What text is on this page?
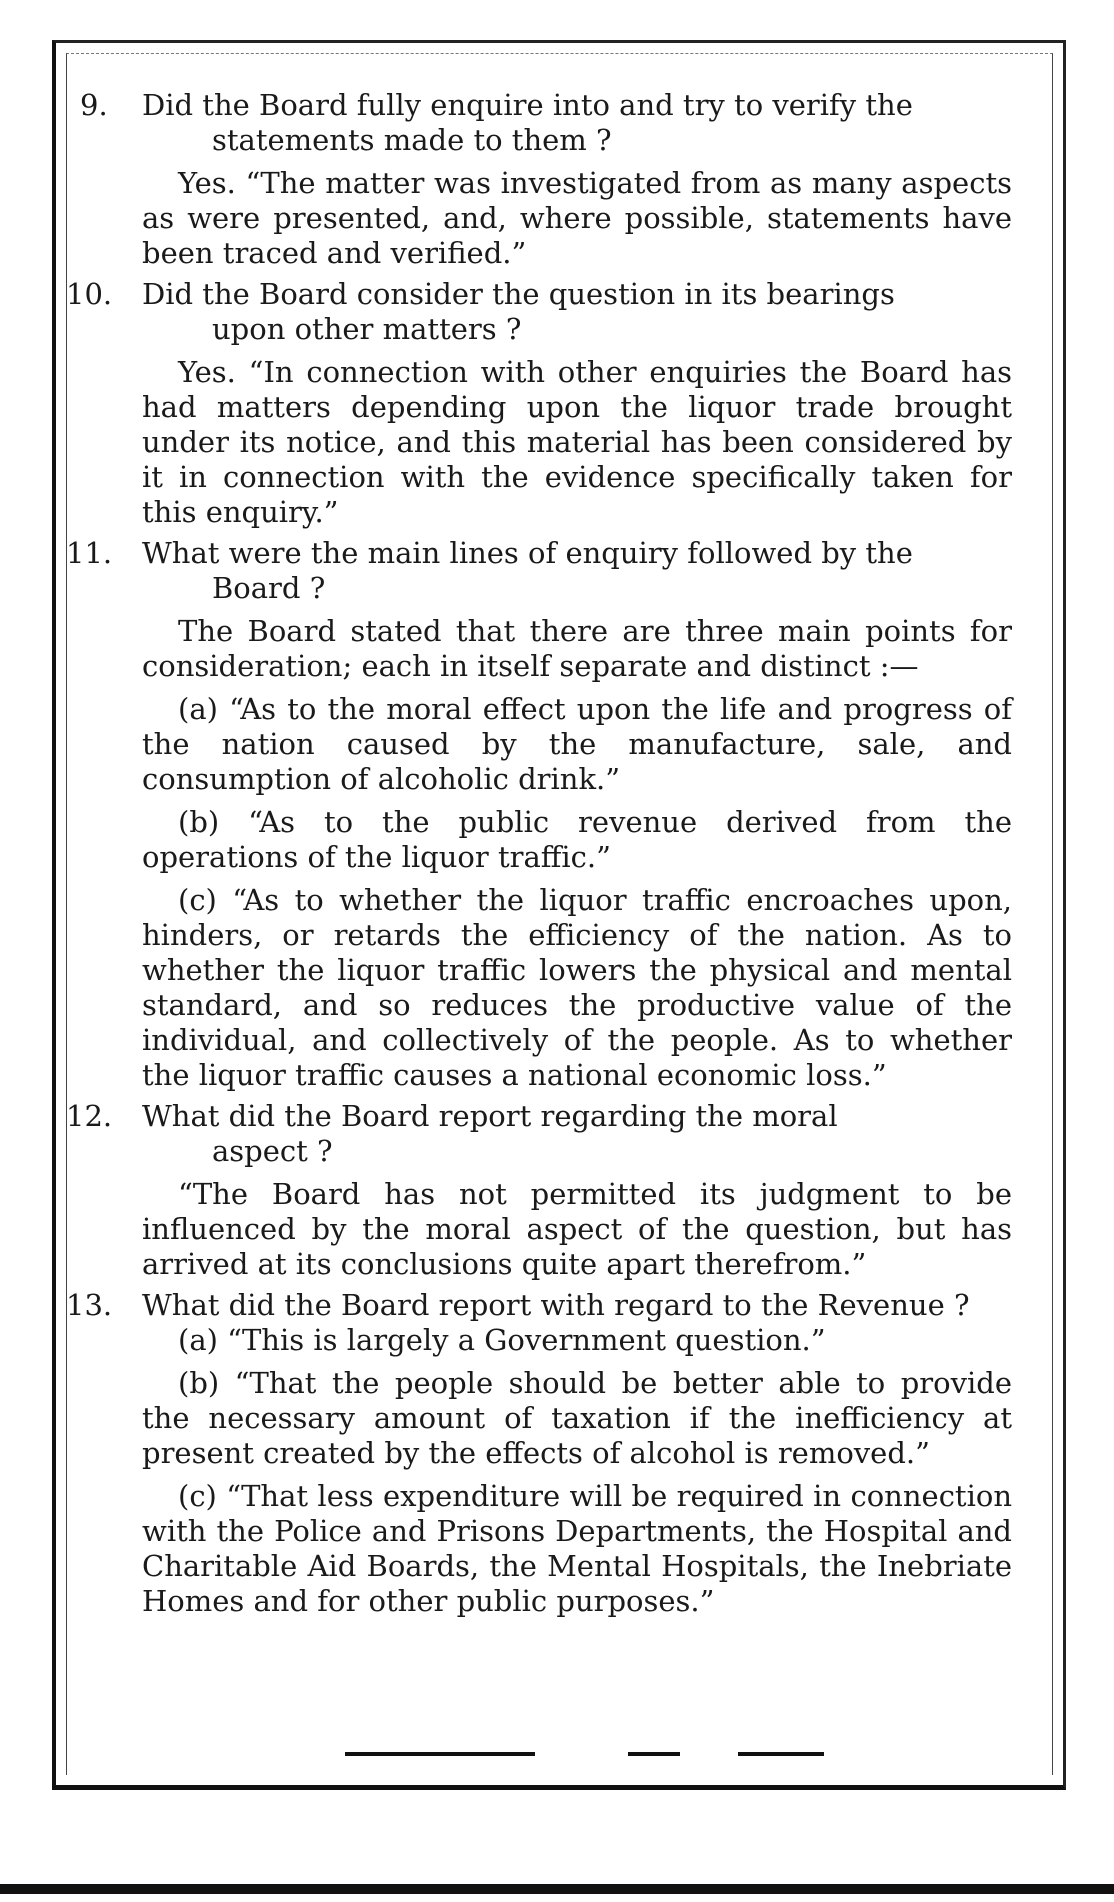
9. Did the Board fully enquire into and try to verify the
statements made to them ?

Yes. “The matter was investigated from as many aspects as were presented, and, where possible, statements have been traced and verified.”

10. Did the Board consider the question in its bearings
upon other matters ?

Yes. “In connection with other enquiries the Board has had matters depending upon the liquor trade brought under its notice, and this material has been considered by it in connection with the evidence specifically taken for this enquiry.”

11. What were the main lines of enquiry followed by the
Board ?

The Board stated that there are three main points for consideration; each in itself separate and distinct :—

(a) “As to the moral effect upon the life and progress of the nation caused by the manufacture, sale, and consumption of alcoholic drink.”

(b) “As to the public revenue derived from the operations of the liquor traffic.”

(c) “As to whether the liquor traffic encroaches upon, hinders, or retards the efficiency of the nation. As to whether the liquor traffic lowers the physical and mental standard, and so reduces the productive value of the individual, and collectively of the people. As to whether the liquor traffic causes a national economic loss.”

12. What did the Board report regarding the moral
aspect ?

“The Board has not permitted its judgment to be influenced by the moral aspect of the question, but has arrived at its conclusions quite apart therefrom.”

13. What did the Board report with regard to the Revenue ?

(a) “This is largely a Government question.”

(b) “That the people should be better able to provide the necessary amount of taxation if the inefficiency at present created by the effects of alcohol is removed.”

(c) “That less expenditure will be required in connection with the Police and Prisons Departments, the Hospital and Charitable Aid Boards, the Mental Hospitals, the Inebriate Homes and for other public purposes.”
